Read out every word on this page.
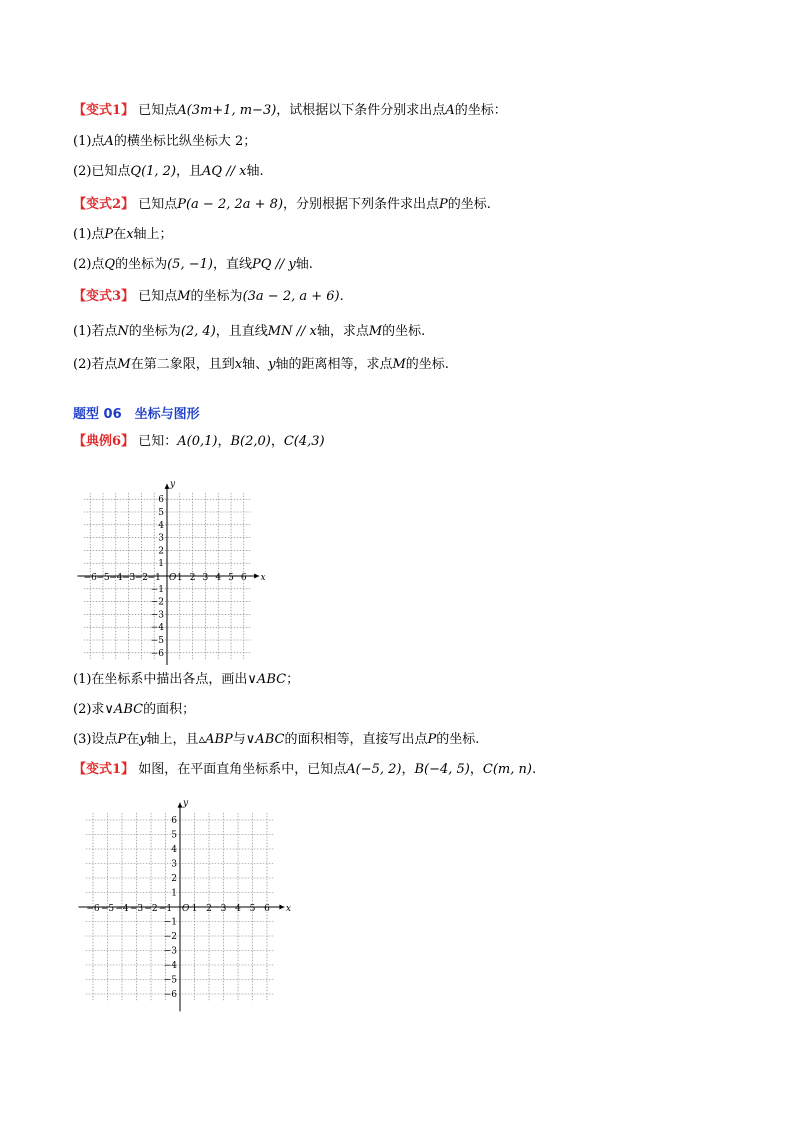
【变式1】 已知点A(3m+1, m−3)，试根据以下条件分别求出点A的坐标：
(1)点A的横坐标比纵坐标大 2；
(2)已知点Q(1, 2)，且AQ // x轴.
【变式2】 已知点P(a − 2, 2a + 8)，分别根据下列条件求出点P的坐标.
(1)点P在x轴上；
(2)点Q的坐标为(5, −1)，直线PQ // y轴.
【变式3】 已知点M的坐标为(3a − 2, a + 6).
(1)若点N的坐标为(2, 4)，且直线MN // x轴，求点M的坐标.
(2)若点M在第二象限，且到x轴、y轴的距离相等，求点M的坐标.
题型 06　坐标与图形
【典例6】 已知：A(0,1)，B(2,0)，C(4,3)
−6 −5 −4 −3 −2 −1 1 2 3 4 5 6
6
5
4
3
2
1
−1
−2
−3
−4
−5
−6
O	x
y
(1)在坐标系中描出各点，画出∨ABC；
(2)求∨ABC的面积；
(3)设点P在y轴上，且▵ABP与∨ABC的面积相等，直接写出点P的坐标.
【变式1】 如图，在平面直角坐标系中，已知点A(−5, 2)，B(−4, 5)，C(m, n).
−6 −5 −4 −3 −2 −1 1 2 3 4 5 6
6
5
4
3
2
1
−1
−2
−3
−4
−5
−6
O	x
y
